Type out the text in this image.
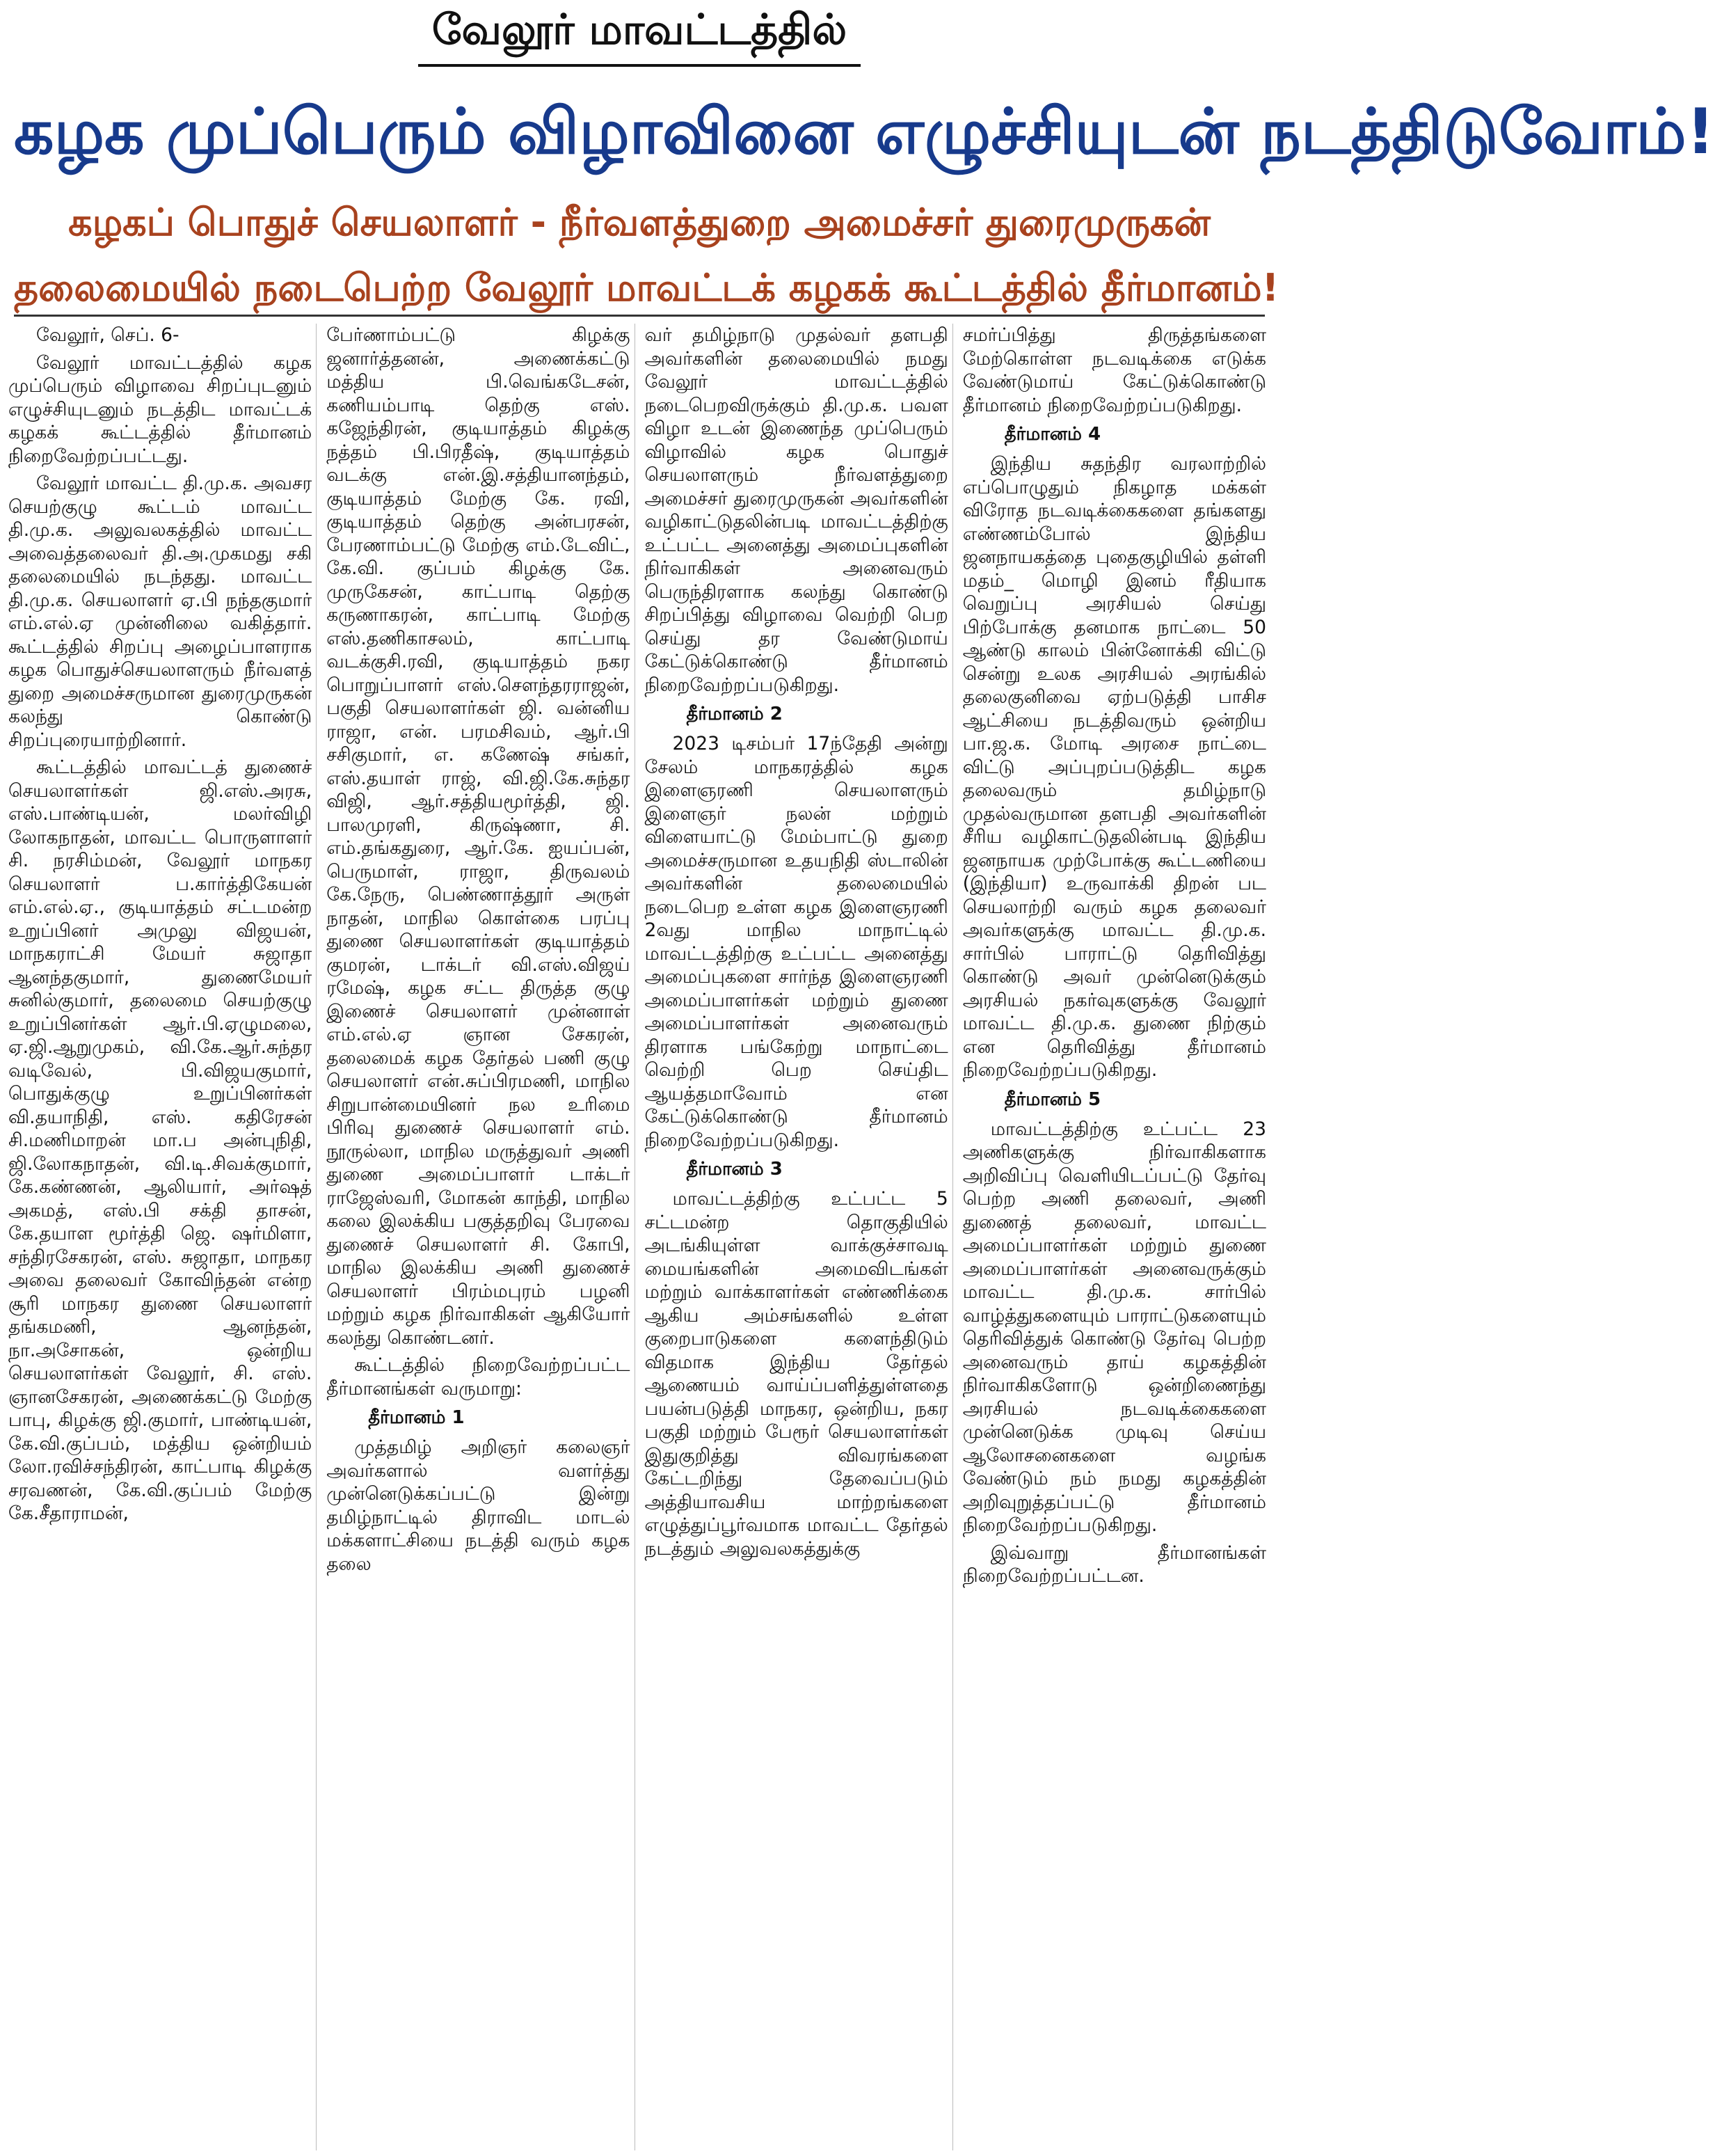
வேலூர் மாவட்டத்தில்
கழக முப்பெரும் விழாவினை எழுச்சியுடன் நடத்திடுவோம்!
கழகப் பொதுச் செயலாளர் - நீர்வளத்துறை அமைச்சர் துரைமுருகன்
தலைமையில் நடைபெற்ற வேலூர் மாவட்டக் கழகக் கூட்டத்தில் தீர்மானம்!

வேலூர், செப். 6-

வேலூர் மாவட்டத்தில் கழக முப்பெரும் விழாவை சிறப்புடனும் எழுச்சியுடனும் நடத்திட மாவட்டக் கழகக் கூட்டத்தில் தீர்மானம் நிறைவேற்றப்பட்டது.

வேலூர் மாவட்ட தி.மு.க. அவசர செயற்குழு கூட்டம் மாவட்ட தி.மு.க. அலுவலகத்தில் மாவட்ட அவைத்தலைவர் தி.அ.முகமது சகி தலைமையில் நடந்தது. மாவட்ட தி.மு.க. செயலாளர் ஏ.பி நந்தகுமார் எம்.எல்.ஏ முன்னிலை வகித்தார். கூட்டத்தில் சிறப்பு அழைப்பாளராக கழக பொதுச்செயலாளரும் நீர்வளத் துறை அமைச்சருமான துரைமுருகன் கலந்து கொண்டு சிறப்புரையாற்றினார்.

கூட்டத்தில் மாவட்டத் துணைச் செயலாளர்கள் ஜி.எஸ்.அரசு, எஸ்.பாண்டியன், மலர்விழி லோகநாதன், மாவட்ட பொருளாளர் சி. நரசிம்மன், வேலூர் மாநகர செயலாளர் ப.கார்த்திகேயன் எம்.எல்.ஏ., குடியாத்தம் சட்டமன்ற உறுப்பினர் அமுலு விஜயன், மாநகராட்சி மேயர் சுஜாதா ஆனந்தகுமார், துணைமேயர் சுனில்குமார், தலைமை செயற்குழு உறுப்பினர்கள் ஆர்.பி.ஏழுமலை, ஏ.ஜி.ஆறுமுகம், வி.கே.ஆர்.சுந்தர வடிவேல், பி.விஜயகுமார், பொதுக்குழு உறுப்பினர்கள் வி.தயாநிதி, எஸ். கதிரேசன் சி.மணிமாறன் மா.ப அன்புநிதி, ஜி.லோகநாதன், வி.டி.சிவக்குமார், கே.கண்ணன், ஆலியார், அர்ஷத் அகமத், எஸ்.பி சக்தி தாசன், கே.தயாள மூர்த்தி ஜெ. ஷர்மிளா, சந்திரசேகரன், எஸ். சுஜாதா, மாநகர அவை தலைவர் கோவிந்தன் என்ற சூரி மாநகர துணை செயலாளர் தங்கமணி, ஆனந்தன், நா.அசோகன், ஒன்றிய செயலாளர்கள் வேலூர், சி. எஸ். ஞானசேகரன், அணைக்கட்டு மேற்கு பாபு, கிழக்கு ஜி.குமார், பாண்டியன், கே.வி.குப்பம், மத்திய ஒன்றியம் லோ.ரவிச்சந்திரன், காட்பாடி கிழக்கு சரவணன், கே.வி.குப்பம் மேற்கு கே.சீதாராமன்,

பேர்ணாம்பட்டு கிழக்கு ஜனார்த்தனன், அணைக்கட்டு மத்திய பி.வெங்கடேசன், கணியம்பாடி தெற்கு எஸ். கஜேந்திரன், குடியாத்தம் கிழக்கு நத்தம் பி.பிரதீஷ், குடியாத்தம் வடக்கு என்.இ.சத்தியானந்தம், குடியாத்தம் மேற்கு கே. ரவி, குடியாத்தம் தெற்கு அன்பரசன், பேரணாம்பட்டு மேற்கு எம்.டேவிட், கே.வி. குப்பம் கிழக்கு கே. முருகேசன், காட்பாடி தெற்கு கருணாகரன், காட்பாடி மேற்கு எஸ்.தணிகாசலம், காட்பாடி வடக்குசி.ரவி, குடியாத்தம் நகர பொறுப்பாளர் எஸ்.சௌந்தரராஜன், பகுதி செயலாளர்கள் ஜி. வன்னிய ராஜா, என். பரமசிவம், ஆர்.பி சசிகுமார், எ. கணேஷ் சங்கர், எஸ்.தயாள் ராஜ், வி.ஜி.கே.சுந்தர விஜி, ஆர்.சத்தியமூர்த்தி, ஜி. பாலமுரளி, கிருஷ்ணா, சி. எம்.தங்கதுரை, ஆர்.கே. ஐயப்பன், பெருமாள், ராஜா, திருவலம் கே.நேரு, பெண்ணாத்தூர் அருள் நாதன், மாநில கொள்கை பரப்பு துணை செயலாளர்கள் குடியாத்தம் குமரன், டாக்டர் வி.எஸ்.விஜய் ரமேஷ், கழக சட்ட திருத்த குழு இணைச் செயலாளர் முன்னாள் எம்.எல்.ஏ ஞான சேகரன், தலைமைக் கழக தேர்தல் பணி குழு செயலாளர் என்.சுப்பிரமணி, மாநில சிறுபான்மையினர் நல உரிமை பிரிவு துணைச் செயலாளர் எம். நூருல்லா, மாநில மருத்துவர் அணி துணை அமைப்பாளர் டாக்டர் ராஜேஸ்வரி, மோகன் காந்தி, மாநில கலை இலக்கிய பகுத்தறிவு பேரவை துணைச் செயலாளர் சி. கோபி, மாநில இலக்கிய அணி துணைச் செயலாளர் பிரம்மபுரம் பழனி மற்றும் கழக நிர்வாகிகள் ஆகியோர் கலந்து கொண்டனர்.

கூட்டத்தில் நிறைவேற்றப்பட்ட தீர்மானங்கள் வருமாறு:

தீர்மானம் 1

முத்தமிழ் அறிஞர் கலைஞர் அவர்களால் வளர்த்து முன்னெடுக்கப்பட்டு இன்று தமிழ்நாட்டில் திராவிட மாடல் மக்களாட்சியை நடத்தி வரும் கழக தலை

வர் தமிழ்நாடு முதல்வர் தளபதி அவர்களின் தலைமையில் நமது வேலூர் மாவட்டத்தில் நடைபெறவிருக்கும் தி.மு.க. பவள விழா உடன் இணைந்த முப்பெரும் விழாவில் கழக பொதுச் செயலாளரும் நீர்வளத்துறை அமைச்சர் துரைமுருகன் அவர்களின் வழிகாட்டுதலின்படி மாவட்டத்திற்கு உட்பட்ட அனைத்து அமைப்புகளின் நிர்வாகிகள் அனைவரும் பெருந்திரளாக கலந்து கொண்டு சிறப்பித்து விழாவை வெற்றி பெற செய்து தர வேண்டுமாய் கேட்டுக்கொண்டு தீர்மானம் நிறைவேற்றப்படுகிறது.

தீர்மானம் 2

2023 டிசம்பர் 17ந்தேதி அன்று சேலம் மாநகரத்தில் கழக இளைஞரணி செயலாளரும் இளைஞர் நலன் மற்றும் விளையாட்டு மேம்பாட்டு துறை அமைச்சருமான உதயநிதி ஸ்டாலின் அவர்களின் தலைமையில் நடைபெற உள்ள கழக இளைஞரணி 2வது மாநில மாநாட்டில் மாவட்டத்திற்கு உட்பட்ட அனைத்து அமைப்புகளை சார்ந்த இளைஞரணி அமைப்பாளர்கள் மற்றும் துணை அமைப்பாளர்கள் அனைவரும் திரளாக பங்கேற்று மாநாட்டை வெற்றி பெற செய்திட ஆயத்தமாவோம் என கேட்டுக்கொண்டு தீர்மானம் நிறைவேற்றப்படுகிறது.

தீர்மானம் 3

மாவட்டத்திற்கு உட்பட்ட 5 சட்டமன்ற தொகுதியில் அடங்கியுள்ள வாக்குச்சாவடி மையங்களின் அமைவிடங்கள் மற்றும் வாக்காளர்கள் எண்ணிக்கை ஆகிய அம்சங்களில் உள்ள குறைபாடுகளை களைந்திடும் விதமாக இந்திய தேர்தல் ஆணையம் வாய்ப்பளித்துள்ளதை பயன்படுத்தி மாநகர, ஒன்றிய, நகர பகுதி மற்றும் பேரூர் செயலாளர்கள் இதுகுறித்து விவரங்களை கேட்டறிந்து தேவைப்படும் அத்தியாவசிய மாற்றங்களை எழுத்துப்பூர்வமாக மாவட்ட தேர்தல் நடத்தும் அலுவலகத்துக்கு

சமர்ப்பித்து திருத்தங்களை மேற்கொள்ள நடவடிக்கை எடுக்க வேண்டுமாய் கேட்டுக்கொண்டு தீர்மானம் நிறைவேற்றப்படுகிறது.

தீர்மானம் 4

இந்திய சுதந்திர வரலாற்றில் எப்பொழுதும் நிகழாத மக்கள் விரோத நடவடிக்கைகளை தங்களது எண்ணம்போல் இந்திய ஜனநாயகத்தை புதைகுழியில் தள்ளி மதம்_ மொழி இனம் ரீதியாக வெறுப்பு அரசியல் செய்து பிற்போக்கு தனமாக நாட்டை 50 ஆண்டு காலம் பின்னோக்கி விட்டு சென்று உலக அரசியல் அரங்கில் தலைகுனிவை ஏற்படுத்தி பாசிச ஆட்சியை நடத்திவரும் ஒன்றிய பா.ஜ.க. மோடி அரசை நாட்டை விட்டு அப்புறப்படுத்திட கழக தலைவரும் தமிழ்நாடு முதல்வருமான தளபதி அவர்களின் சீரிய வழிகாட்டுதலின்படி இந்திய ஜனநாயக முற்போக்கு கூட்டணியை (இந்தியா) உருவாக்கி திறன் பட செயலாற்றி வரும் கழக தலைவர் அவர்களுக்கு மாவட்ட தி.மு.க. சார்பில் பாராட்டு தெரிவித்து கொண்டு அவர் முன்னெடுக்கும் அரசியல் நகர்வுகளுக்கு வேலூர் மாவட்ட தி.மு.க. துணை நிற்கும் என தெரிவித்து தீர்மானம் நிறைவேற்றப்படுகிறது.

தீர்மானம் 5

மாவட்டத்திற்கு உட்பட்ட 23 அணிகளுக்கு நிர்வாகிகளாக அறிவிப்பு வெளியிடப்பட்டு தேர்வு பெற்ற அணி தலைவர், அணி துணைத் தலைவர், மாவட்ட அமைப்பாளர்கள் மற்றும் துணை அமைப்பாளர்கள் அனைவருக்கும் மாவட்ட தி.மு.க. சார்பில் வாழ்த்துகளையும் பாராட்டுகளையும் தெரிவித்துக் கொண்டு தேர்வு பெற்ற அனைவரும் தாய் கழகத்தின் நிர்வாகிகளோடு ஒன்றிணைந்து அரசியல் நடவடிக்கைகளை முன்னெடுக்க முடிவு செய்ய ஆலோசனைகளை வழங்க வேண்டும் நம் நமது கழகத்தின் அறிவுறுத்தப்பட்டு தீர்மானம் நிறைவேற்றப்படுகிறது.

இவ்வாறு தீர்மானங்கள் நிறைவேற்றப்பட்டன.
